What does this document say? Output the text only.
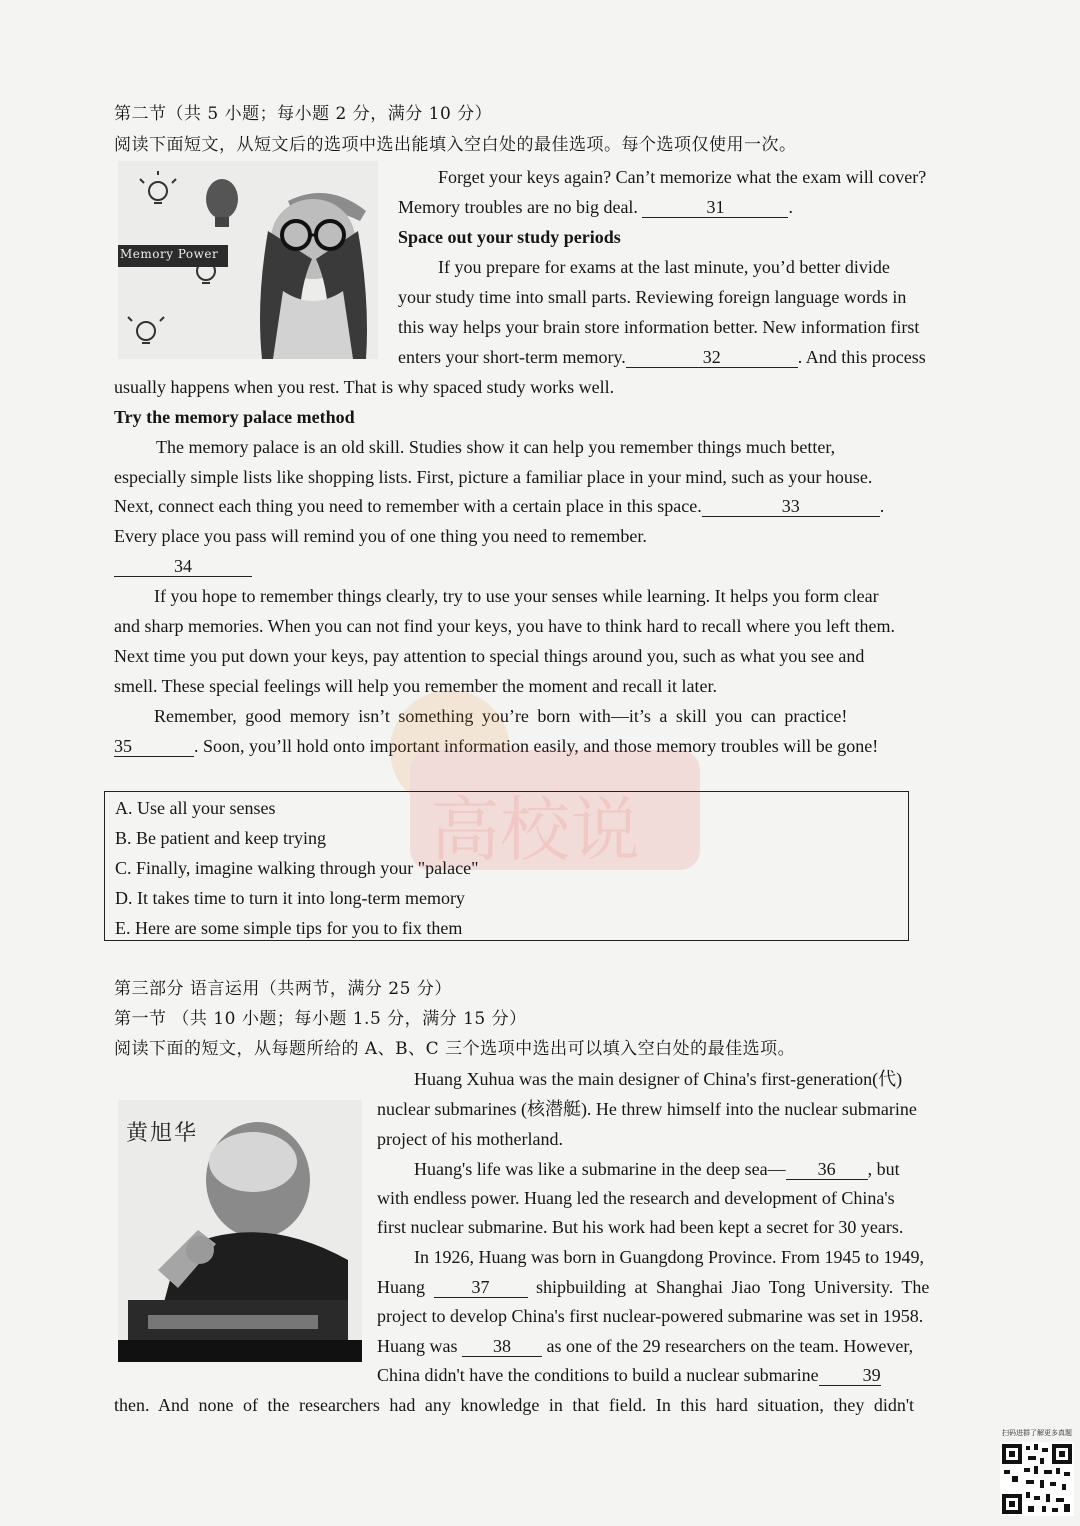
第二节（共 5 小题；每小题 2 分，满分 10 分）
阅读下面短文，从短文后的选项中选出能填入空白处的最佳选项。每个选项仅使用一次。
Memory Power
Forget your keys again? Can’t memorize what the exam will cover?
Memory troubles are no big deal.	31	.
Space out your study periods
If you prepare for exams at the last minute, you’d better divide
your study time into small parts. Reviewing foreign language words in
this way helps your brain store information better. New information first
enters your short-term memory.	32	. And this process
usually happens when you rest. That is why spaced study works well.
Try the memory palace method
The memory palace is an old skill. Studies show it can help you remember things much better,
especially simple lists like shopping lists. First, picture a familiar place in your mind, such as your house.
Next, connect each thing you need to remember with a certain place in this space.	33	.
Every place you pass will remind you of one thing you need to remember.
34
If you hope to remember things clearly, try to use your senses while learning. It helps you form clear
and sharp memories. When you can not find your keys, you have to think hard to recall where you left them.
Next time you put down your keys, pay attention to special things around you, such as what you see and
smell. These special feelings will help you remember the moment and recall it later.
Remember, good memory isn’t something you’re born with—it’s a skill you can practice!
35	. Soon, you’ll hold onto important information easily, and those memory troubles will be gone!
高校说
A. Use all your senses
B. Be patient and keep trying
C. Finally, imagine walking through your "palace"
D. It takes time to turn it into long-term memory
E. Here are some simple tips for you to fix them
第三部分 语言运用（共两节，满分 25 分）
第一节 （共 10 小题；每小题 1.5 分，满分 15 分）
阅读下面的短文，从每题所给的 A、B、C 三个选项中选出可以填入空白处的最佳选项。
黄旭华
Huang Xuhua was the main designer of China's first-generation(代)
nuclear submarines (核潜艇). He threw himself into the nuclear submarine
project of his motherland.
Huang's life was like a submarine in the deep sea— 36 , but
with endless power. Huang led the research and development of China's
first nuclear submarine. But his work had been kept a secret for 30 years.
In 1926, Huang was born in Guangdong Province. From 1945 to 1949,
Huang	37	shipbuilding at Shanghai Jiao Tong University. The
project to develop China's first nuclear-powered submarine was set in 1958.
Huang was 38 as one of the 29 researchers on the team. However,
China didn't have the conditions to build a nuclear submarine 39
then. And none of the researchers had any knowledge in that field. In this hard situation, they didn't
扫码进群了解更多真题
